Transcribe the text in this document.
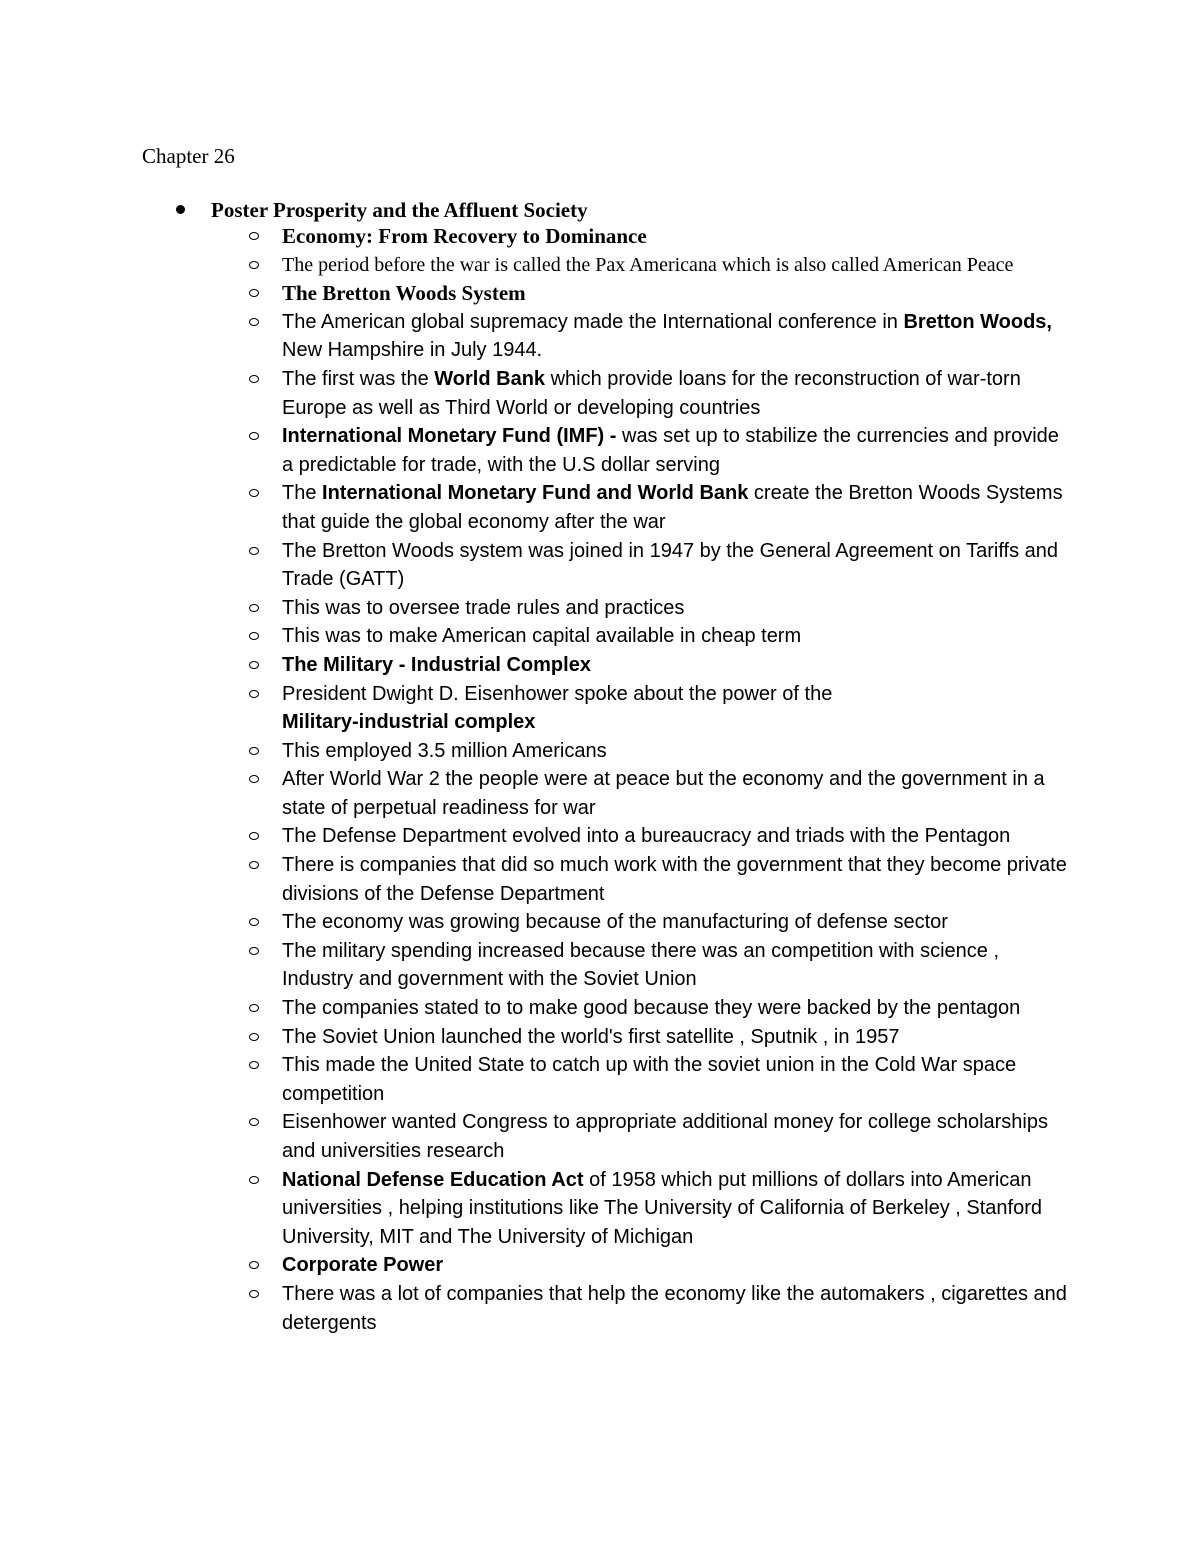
Chapter 26
Poster Prosperity and the Affluent Society
Economy: From Recovery to Dominance
The period before the war is called the Pax Americana which is also called American Peace
The Bretton Woods System
The American global supremacy made the International conference in Bretton Woods, New Hampshire in July 1944.
The first was the World Bank which provide loans for the reconstruction of war-torn Europe as well as Third World or developing countries
International Monetary Fund (IMF) - was set up to stabilize the currencies and provide a predictable for trade, with the U.S dollar serving
The International Monetary Fund and World Bank create the Bretton Woods Systems that guide the global economy after the war
The Bretton Woods system was joined in 1947 by the General Agreement on Tariffs and Trade (GATT)
This was to oversee trade rules and practices
This was to make American capital available in cheap term
The Military - Industrial Complex
President Dwight D. Eisenhower spoke about the power of the
Military-industrial complex
This employed 3.5 million Americans
After World War 2 the people were at peace but the economy and the government in a state of perpetual readiness for war
The Defense Department evolved into a bureaucracy and triads with the Pentagon
There is companies that did so much work with the government that they become private divisions of the Defense Department
The economy was growing because of the manufacturing of defense sector
The military spending increased because there was an competition with science , Industry and government with the Soviet Union
The companies stated to to make good because they were backed by the pentagon
The Soviet Union launched the world's first satellite , Sputnik , in 1957
This made the United State to catch up with the soviet union in the Cold War space competition
Eisenhower wanted Congress to appropriate additional money for college scholarships and universities research
National Defense Education Act of 1958 which put millions of dollars into American universities , helping institutions like The University of California of Berkeley , Stanford University, MIT and The University of Michigan
Corporate Power
There was a lot of companies that help the economy like the automakers , cigarettes and detergents
